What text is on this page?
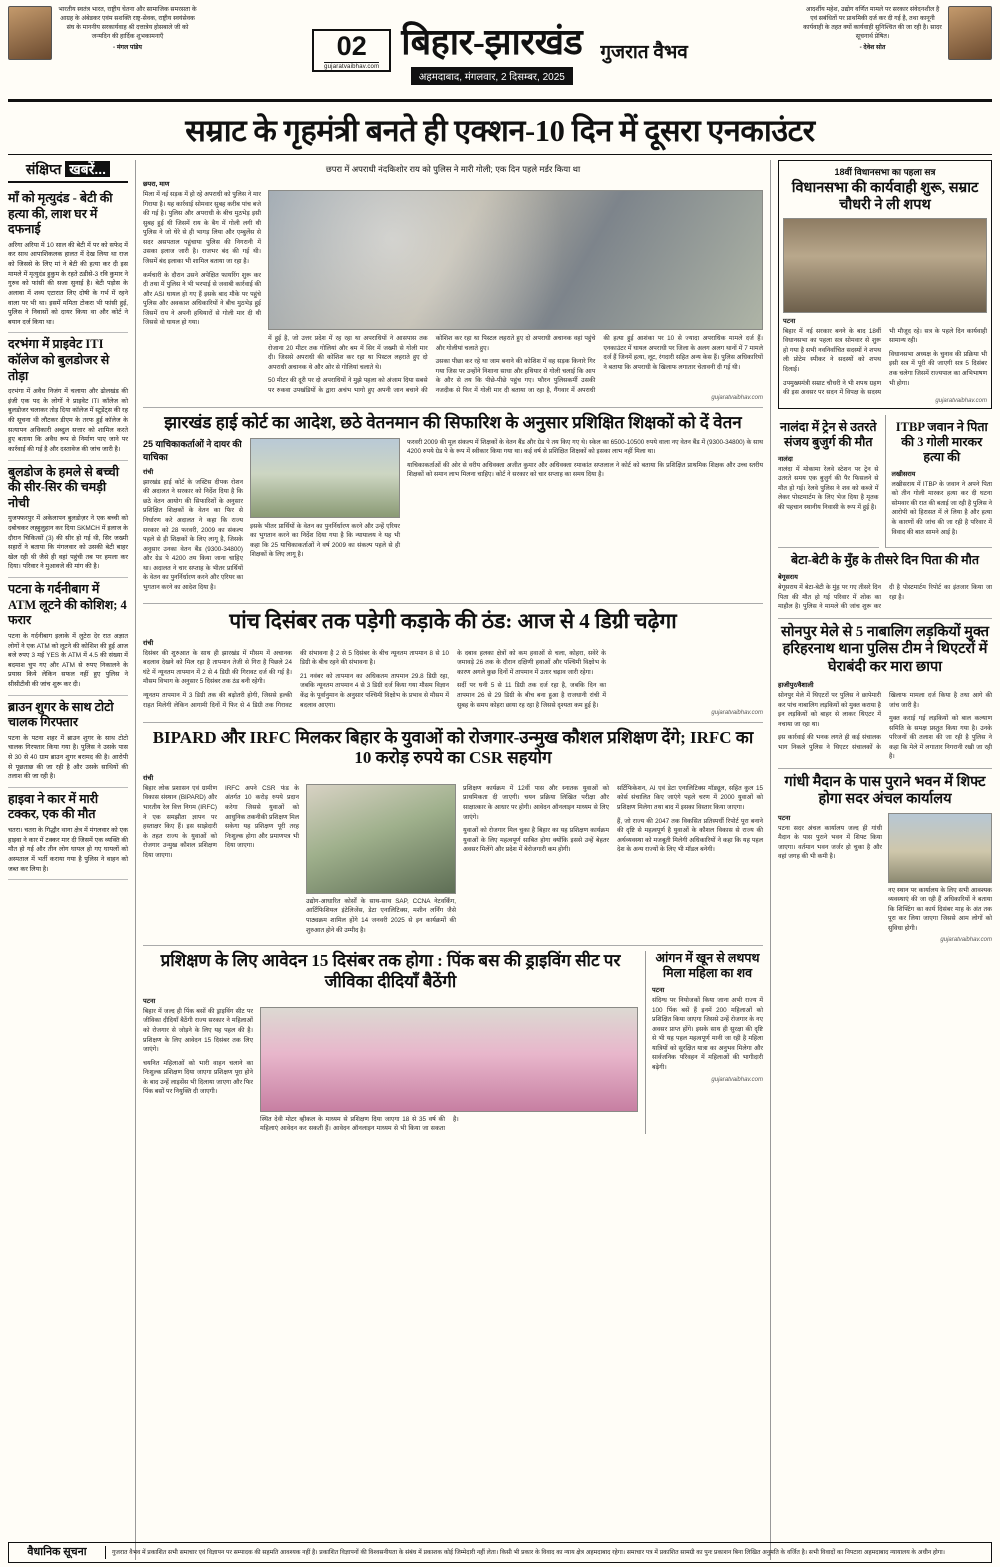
भारतीय स्वतंत्र भारत, राष्ट्रीय चेतना और सामाजिक समरसता के आग्रह के अंबेडकर एवंम सशक्ति राष्ट्र-सेवक, राष्ट्रीय स्वयंसेवक संघ के माननीय सरकार्यवाह श्री दत्तात्रेय होसबाले जी को जन्मदिन की हार्दिक शुभकामनाएँ
- मंगल पांडेय	02
gujaratvaibhav.com
बिहार-झारखंड
अहमदाबाद, मंगलवार, 2 दिसम्बर, 2025
गुजरात वैभव
आदर्शीय महेश, उद्योग वर्णित मामले पर सरकार संवेदनशील है एवं सबंधितों पर प्राथमिकी दर्ज कर दी गई है, तथा कानूनी कार्यवाही के तहत क्यों कार्यवाही सुनिश्चित की जा रही है। सादर सूचनार्थ प्रेषित।
- देवेश सोत
सम्राट के गृहमंत्री बनते ही एक्शन-10 दिन में दूसरा एनकाउंटर
संक्षिप्त खबरें...
माँ को मृत्युदंड - बेटी की हत्या की, लाश घर में दफनाई
अरिगा अरिया में 10 साल की बेटी में पर को सफेद में कर साथ आपाशिकलक हालत में देख लिया था राज को जिससे के लिए मां ने बेटी की हत्या कर दी इस मामले में मृत्युदंड हुकुम के रहते ठडीसे-3 रवि कुमार ने गुरुव को फांसी की सजा सुनाई है। बेटी पड़ोस के अलावा में शव्य एटारात लिए दोषी के गर्भ में रहने वाला पर भी था। इसमें ममिता टोकरा भी फांसी हुई, पुलिस ने निवासों को दायर किया था और कोर्ट ने बयान दर्ज किया था।
दरभंगा में प्राइवेट ITI कॉलेज को बुलडोजर से तोड़ा
दरभंगा में अवैध निजंग में चलाया और ढोलखंड की इंजी एक पद के लोगों ने प्राइवेट ITI कॉलेज को बुलडोजर चलाकर तोड़ दिया कॉलेज में स्टूडेंट्स की रह की सूचना थी लौटकर डीएम के तरफ हुई कॉलेज के सत्यापन अधिकारी अब्दुल सत्तार को शामिल करते हुए बताया कि अवैध रूप से निर्माण पाए जाने पर कार्रवाई की गई है और दस्तावेज की जांच जारी है।
बुलडोज के हमले से बच्ची की सीर-सिर की चमड़ी नोची
मुजफ्फरपुर में अकेलापन बुलडोज़र ने एक बच्ची को दबोचकर लह्हुलुहान कर दिया SKMCH में इलाज के दौरान चिकित्सों (3) की सीर हो गई थी, सिर जख्मी सहारों ने बताया कि मंगलवार को उसकी बेटी बाहर खेल रही थी जैसे ही वहां पहुंची तब पर हमला कर दिया। परिवार ने मुआवजे की मांग की है।
पटना के गर्दनीबाग में ATM लूटने की कोशिश; 4 फरार
पटना के गर्दनीबाग इलाके में लुटेरा देर रात अज्ञात लोगों ने एक ATM को लूटने की कोशिश की हुई आज बजे रुपए 3 मई YES के ATM में 4.5 की संख्या में बदमाश चुप गए और ATM से रुपए निकालने के प्रयास किये लेकिन सफल नहीं हुए पुलिस ने सीसीटीवी की जांच शुरू कर दी।
ब्राउन शुगर के साथ टोटो चालक गिरफ्तार
पटना के पटना शहर में ब्राउन शुगर के साथ टोटो चालक गिरफ्तार किया गया है। पुलिस ने उसके पास से 30 से 40 ग्राम ब्राउन शुगर बरामद की है। आरोपी से पूछताछ की जा रही है और उसके साथियों की तलाश की जा रही है।
हाइवा ने कार में मारी टक्कर, एक की मौत
चतरा। चतरा के गिद्धौर थाना क्षेत्र में मंगलवार को एक हाइवा ने कार में टक्कर मार दी जिसमें एक व्यक्ति की मौत हो गई और तीन लोग घायल हो गए घायलों को अस्पताल में भर्ती कराया गया है पुलिस ने वाहन को जब्त कर लिया है।
छपरा में अपराधी नंदकिशोर राय को पुलिस ने मारी गोली; एक दिन पहले मर्डर किया था
छपरा, माण

मिला में नई सड़क में हो रहे अपराधी को पुलिस ने मार गिराया है। यह कार्रवाई सोमवार सुबह करीब पांच बजे की गई है। पुलिस और अपराधी के बीच मुठभेड़ इसी सुबह हुई थी जिसमें राय के बैग में गोली लगी थी पुलिस ने जो घेरे से ही भागड़ लिया और एम्बुलेंस से सदर असपताल पहुंचाया पुलिस की निगरानी में उसका इलाज जारी है। राजभर बंद की गई थी। जिसमें बंद इलाका भी शामिल बताया जा रहा है।

कर्मचारी के दौरान उसने अपेक्षित फायरिंग शुरू कर दी तथा में पुलिस ने भी भरपाई से जवाबी कार्रवाई की और ASI घायल हो गए हैं इसके बाद मौके पर पहुंचे पुलिस और अवकाश अधिकारियों ने बीच मुठभेड़ हुई जिसमें राय ने अपनी हथियारों से गोली मार दी थी जिससे वो घायल हो गया।

में हुई है, जो उत्तर प्रदेश में रह रहा था अपराधियों ने आसपास तक रोजाना 20 मीटर तक गोलियां और बम में सिर में जख्मी से गोली मार दी। जिससे अपराधी की कोशिश कर रहा था पिस्टल लहराते हुए दो अपराधी अचानक थे और ओर से गोलियां चलाते थे।

50 मीटर की दूरी पर दो अपराधियों ने मुझे पहला को अंजाम दिया सबसे पर रुकवा उपखंडियों के द्वारा अचंभ भागो हुए अपनी जान बचाने की कोशिश कर रहा था पिस्टल लहराते हुए दो अपराधी अचानक वहां पहुंचे और गोलीयां चलाते हुए।

उसका पीछा कर रहे था जाम बनाने की कोशिश में वह सड़क किनारे गिर गया जिस पर उन्होंने निशाना साधा और हथियार से गोली चलाई कि आप के और से तय कि पीछे-पीछे पहुंच गए। फौरन पुलिसकर्मी उसकी नजदीक से फिर में गोली मार दी बताया जा रहा है, गैंगवार में अपराधी की हत्या हुई आशंका पर 10 से ज्यादा अपराधिक मामले दर्ज हैं। एनकाउंटर में घायल अपराधी पर जिला के अलग अलग थानों में 7 मामले दर्ज हैं जिनमें हत्या, लूट, रंगदारी सहित अन्य केस हैं। पुलिस अधिकारियों ने बताया कि अपराधी के खिलाफ लगातार चेतावनी दी गई थी।

gujaratvaibhav.com
झारखंड हाई कोर्ट का आदेश, छठे वेतनमान की सिफारिश के अनुसार प्रशिक्षित शिक्षकों को दें वेतन
25 याचिकाकर्ताओं ने दायर की याचिका
रांची

झारखंड हाई कोर्ट के जस्टिस दीपक रोशन की अदालत ने सरकार को निर्देश दिया है कि छठे वेतन आयोग की सिफारिशों के अनुसार प्रशिक्षित शिक्षकों के वेतन का फिर से निर्धारण करे अदालत ने कहा कि राज्य सरकार को 28 फरवरी, 2009 का संकल्प पहले से ही शिक्षकों के लिए लागू है, जिसके अनुसार उनका वेतन बैंड (9300-34800) और ग्रेड पे 4200 तय किया जाना चाहिए था। अदालत ने चार सप्ताह के भीतर प्रार्थियों के वेतन का पुनर्निर्धारण करने और एरियर का भुगतान करने का आदेश दिया है।

इसके भीतर प्रार्थियों के वेतन का पुनर्निर्धारण करने और उन्हें एरियर का भुगतान करने का निर्देश दिया गया है कि न्यायालय ने यह भी कहा कि 25 याचिकाकर्ताओं ने वर्ष 2009 का संकल्प पहले से ही शिक्षकों के लिए लागू है।

फरवरी 2009 की मूल संकल्प में शिक्षकों के वेतन बैंड और ग्रेड पे तय किए गए थे। स्केल का 6500-10500 रुपये वाला नए वेतन बैंड में (9300-34800) के साथ 4200 रुपये ग्रेड पे के रूप में स्वीकार किया गया था। कई वर्ष से प्रशिक्षित शिक्षकों को इसका लाभ नहीं मिला था।

याचिकाकर्ताओं की ओर से वरीय अधिवक्ता अजीत कुमार और अधिवक्ता रमाकांत सप्तलाल ने कोर्ट को बताया कि प्रशिक्षित प्राथमिक शिक्षक और उच्च स्तरीय शिक्षकों को समान लाभ मिलना चाहिए। कोर्ट ने सरकार को चार सप्ताह का समय दिया है।

पांच दिसंबर तक पड़ेगी कड़ाके की ठंड: आज से 4 डिग्री चढ़ेगा
रांची

दिसंबर की शुरुआत के साथ ही झारखंड में मौसम में अचानक बदलाव देखने को मिल रहा है तापमान तेजी से गिरा है पिछले 24 घंटे में न्यूनतम तापमान में 2 से 4 डिग्री की गिरावट दर्ज की गई है। मौसम विभाग के अनुसार 5 दिसंबर तक ठंड बनी रहेगी।

न्यूनतम तापमान में 3 डिग्री तक की बढ़ोतरी होगी, जिससे हल्की राहत मिलेगी लेकिन आगामी दिनों में फिर से 4 डिग्री तक गिरावट की संभावना है 2 से 5 दिसंबर के बीच न्यूनतम तापमान 8 से 10 डिग्री के बीच रहने की संभावना है।

21 नवंबर को तापमान का अधिकतम तापमान 29.8 डिग्री रहा, जबकि न्यूनतम तापमान 4 से 3 डिग्री दर्ज किया गया मौसम विज्ञान केंद्र के पूर्वानुमान के अनुसार पश्चिमी विक्षोभ के प्रभाव से मौसम में बदलाव आएगा।

के दबाव हलका क्षेत्रों को कम हवाओं से चला, कोहरा, सवेरे के जमावड़े 26 तक के दौरान दक्षिणी हवाओं और पश्चिमी विक्षोभ के कारण अगले कुछ दिनों में तापमान में उतार चढ़ाव जारी रहेगा।

सर्दी पर घनी 5 से 11 डिग्री तक दर्ज रहा है, जबकि दिन का तापमान 26 से 29 डिग्री के बीच बना हुआ है राजधानी रांची में सुबह के समय कोहरा छाया रह रहा है जिससे दृश्यता कम हुई है।

gujaratvaibhav.com
BIPARD और IRFC मिलकर बिहार के युवाओं को रोजगार-उन्मुख कौशल प्रशिक्षण देंगे; IRFC का 10 करोड़ रुपये का CSR सहयोग
रांची

बिहार लोक प्रशासन एवं ग्रामीण विकास संस्थान (BIPARD) और भारतीय रेल वित्त निगम (IRFC) ने एक समझौता ज्ञापन पर हस्ताक्षर किए हैं। इस साझेदारी के तहत राज्य के युवाओं को रोजगार उन्मुख कौशल प्रशिक्षण दिया जाएगा।

IRFC अपने CSR फंड के अंतर्गत 10 करोड़ रुपये प्रदान करेगा जिससे युवाओं को आधुनिक तकनीकी प्रशिक्षण मिल सकेगा यह प्रशिक्षण पूरी तरह निःशुल्क होगा और प्रमाणपत्र भी दिया जाएगा।

उद्योग-आधारित कोर्सों के साथ-साथ SAP, CCNA नेटवर्किंग, आर्टिफिशियल इंटेलिजेंस, डेटा एनालिटिक्स, मशीन लर्निंग जैसे पाठ्यक्रम शामिल होंगे 14 जनवरी 2025 से इन कार्यक्रमों की शुरुआत होने की उम्मीद है।

प्रशिक्षण कार्यक्रम में 12वीं पास और स्नातक युवाओं को प्राथमिकता दी जाएगी। चयन प्रक्रिया लिखित परीक्षा और साक्षात्कार के आधार पर होगी। आवेदन ऑनलाइन माध्यम से लिए जाएंगे।

युवाओं को रोजगार मिल चुका है बिहार का यह प्रशिक्षण कार्यक्रम युवाओं के लिए महत्वपूर्ण साबित होगा क्योंकि इससे उन्हें बेहतर अवसर मिलेंगे और प्रदेश में बेरोजगारी कम होगी।

सर्टिफिकेशन, AI एवं डेटा एनालिटिक्स मॉड्यूल, सहित कुल 15 कोर्स संचालित किए जाएंगे पहले चरण में 2000 युवाओं को प्रशिक्षण मिलेगा तथा बाद में इसका विस्तार किया जाएगा।

हैं, जो राज्य की 2047 तक विकसित प्रतिस्पर्धी रिपोर्ट पूरा बनाने की दृष्टि से महत्वपूर्ण है युवाओं के कौशल विकास से राज्य की अर्थव्यवस्था को मजबूती मिलेगी अधिकारियों ने कहा कि यह पहल देश के अन्य राज्यों के लिए भी मॉडल बनेगी।

प्रशिक्षण के लिए आवेदन 15 दिसंबर तक होगा : पिंक बस की ड्राइविंग सीट पर जीविका दीदियाँ बैठेंगी
पटना

बिहार में जल्द ही पिंक बसों की ड्राइविंग सीट पर जीविका दीदियाँ बैठेंगी राज्य सरकार ने महिलाओं को रोजगार से जोड़ने के लिए यह पहल की है। प्रशिक्षण के लिए आवेदन 15 दिसंबर तक लिए जाएंगे।

चयनित महिलाओं को भारी वाहन चलाने का निःशुल्क प्रशिक्षण दिया जाएगा प्रशिक्षण पूरा होने के बाद उन्हें लाइसेंस भी दिलाया जाएगा और फिर पिंक बसों पर नियुक्ति दी जाएगी।

स्थित देवी मोटर व्हीकल के माध्यम से प्रशिक्षण दिया जाएगा 18 से 35 वर्ष की महिलाएं आवेदन कर सकती हैं। आवेदन ऑनलाइन माध्यम से भी किया जा सकता है।

आंगन में खून से लथपथ मिला महिला का शव
पटना

संदिग्ध पर नियोजकों किया जाना अभी राज्य में 100 पिंक बसें हैं इनमें 200 महिलाओं को प्रशिक्षित किया जाएगा जिससे उन्हें रोजगार के नए अवसर प्राप्त होंगे। इसके साथ ही सुरक्षा की दृष्टि से भी यह पहल महत्वपूर्ण मानी जा रही है महिला यात्रियों को सुरक्षित यात्रा का अनुभव मिलेगा और सार्वजनिक परिवहन में महिलाओं की भागीदारी बढ़ेगी।

gujaratvaibhav.com
18वीं विधानसभा का पहला सत्र
विधानसभा की कार्यवाही शुरू, सम्राट चौधरी ने ली शपथ
पटना

बिहार में नई सरकार बनने के बाद 18वीं विधानसभा का पहला सत्र सोमवार से शुरू हो गया है सभी नवनिर्वाचित सदस्यों ने शपथ ली प्रोटेम स्पीकर ने सदस्यों को शपथ दिलाई।

उपमुख्यमंत्री सम्राट चौधरी ने भी शपथ ग्रहण की इस अवसर पर सदन में विपक्ष के सदस्य भी मौजूद रहे। सत्र के पहले दिन कार्यवाही सामान्य रही।

विधानसभा अध्यक्ष के चुनाव की प्रक्रिया भी इसी सत्र में पूरी की जाएगी सत्र 5 दिसंबर तक चलेगा जिसमें राज्यपाल का अभिभाषण भी होगा।

gujaratvaibhav.com
नालंदा में ट्रेन से उतरते संजय बुजुर्ग की मौत
नालंदा

नालंदा में मोकामा रेलवे स्टेशन पर ट्रेन से उतरते समय एक बुजुर्ग की पैर फिसलने से मौत हो गई। रेलवे पुलिस ने शव को कब्जे में लेकर पोस्टमार्टम के लिए भेज दिया है मृतक की पहचान स्थानीय निवासी के रूप में हुई है।

ITBP जवान ने पिता की 3 गोली मारकर हत्या की
लखीसराय

लखीसराय में ITBP के जवान ने अपने पिता को तीन गोली मारकर हत्या कर दी घटना सोमवार की रात की बताई जा रही है पुलिस ने आरोपी को हिरासत में ले लिया है और हत्या के कारणों की जांच की जा रही है परिवार में विवाद की बात सामने आई है।

बेटा-बेटी के मुँह के तीसरे दिन पिता की मौत
बेगूसराय

बेगूसराय में बेटा-बेटी के मुंह पर गए तीसरे दिन पिता की मौत हो गई परिवार में शोक का माहौल है। पुलिस ने मामले की जांच शुरू कर दी है पोस्टमार्टम रिपोर्ट का इंतजार किया जा रहा है।

सोनपुर मेले से 5 नाबालिग लड़कियों मुक्त हरिहरनाथ थाना पुलिस टीम ने थिएटरों में घेराबंदी कर मारा छापा
हाजीपुर/वैशाली

सोनपुर मेले में थिएटरों पर पुलिस ने छापेमारी कर पांच नाबालिग लड़कियों को मुक्त कराया है इन लड़कियों को बाहर से लाकर थिएटर में नचाया जा रहा था।

इस कार्रवाई की भनक लगते ही कई संचालक भाग निकले पुलिस ने थिएटर संचालकों के खिलाफ मामला दर्ज किया है तथा आगे की जांच जारी है।

मुक्त कराई गई लड़कियों को बाल कल्याण समिति के समक्ष प्रस्तुत किया गया है। उनके परिजनों की तलाश की जा रही है पुलिस ने कहा कि मेले में लगातार निगरानी रखी जा रही है।

गांधी मैदान के पास पुराने भवन में शिफ्ट होगा सदर अंचल कार्यालय
पटना

पटना सदर अंचल कार्यालय जल्द ही गांधी मैदान के पास पुराने भवन में शिफ्ट किया जाएगा। वर्तमान भवन जर्जर हो चुका है और वहां जगह की भी कमी है।

नए स्थान पर कार्यालय के लिए सभी आवश्यक व्यवस्थाएं की जा रही हैं अधिकारियों ने बताया कि शिफ्टिंग का कार्य दिसंबर माह के अंत तक पूरा कर लिया जाएगा जिससे आम लोगों को सुविधा होगी।

gujaratvaibhav.com
वैधानिक सूचना	गुजरात वैभव में प्रकाशित सभी समाचार एवं विज्ञापन पर सम्पादक की सहमति आवश्यक नहीं है। प्रकाशित विज्ञापनों की विश्वसनीयता के संबंध में प्रकाशक कोई जिम्मेदारी नहीं लेता। किसी भी प्रकार के विवाद का न्याय क्षेत्र अहमदाबाद रहेगा। समाचार पत्र में प्रकाशित सामग्री का पुनः प्रकाशन बिना लिखित अनुमति के वर्जित है। सभी विवादों का निपटारा अहमदाबाद न्यायालय के अधीन होगा।
